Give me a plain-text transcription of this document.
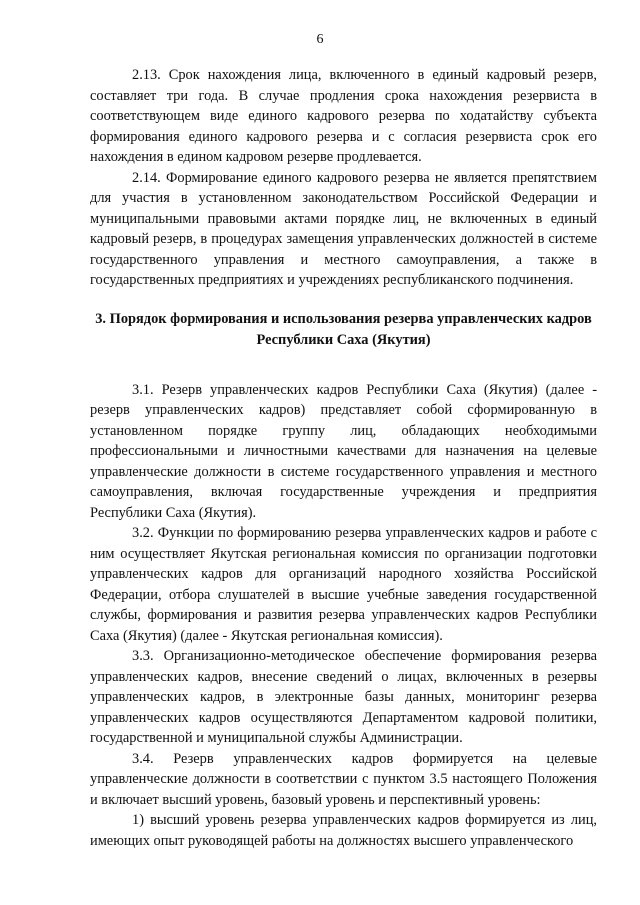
6

2.13. Срок нахождения лица, включенного в единый кадровый резерв, составляет три года. В случае продления срока нахождения резервиста в соответствующем виде единого кадрового резерва по ходатайству субъекта формирования единого кадрового резерва и с согласия резервиста срок его нахождения в едином кадровом резерве продлевается.

2.14. Формирование единого кадрового резерва не является препятствием для участия в установленном законодательством Российской Федерации и муниципальными правовыми актами порядке лиц, не включенных в единый кадровый резерв, в процедурах замещения управленческих должностей в системе государственного управления и местного самоуправления, а также в государственных предприятиях и учреждениях республиканского подчинения.

3. Порядок формирования и использования резерва управленческих кадров Республики Саха (Якутия)

3.1. Резерв управленческих кадров Республики Саха (Якутия) (далее - резерв управленческих кадров) представляет собой сформированную в установленном порядке группу лиц, обладающих необходимыми профессиональными и личностными качествами для назначения на целевые управленческие должности в системе государственного управления и местного самоуправления, включая государственные учреждения и предприятия Республики Саха (Якутия).

3.2. Функции по формированию резерва управленческих кадров и работе с ним осуществляет Якутская региональная комиссия по организации подготовки управленческих кадров для организаций народного хозяйства Российской Федерации, отбора слушателей в высшие учебные заведения государственной службы, формирования и развития резерва управленческих кадров Республики Саха (Якутия) (далее - Якутская региональная комиссия).

3.3. Организационно-методическое обеспечение формирования резерва управленческих кадров, внесение сведений о лицах, включенных в резервы управленческих кадров, в электронные базы данных, мониторинг резерва управленческих кадров осуществляются Департаментом кадровой политики, государственной и муниципальной службы Администрации.

3.4. Резерв управленческих кадров формируется на целевые управленческие должности в соответствии с пунктом 3.5 настоящего Положения и включает высший уровень, базовый уровень и перспективный уровень:

1) высший уровень резерва управленческих кадров формируется из лиц, имеющих опыт руководящей работы на должностях высшего управленческого
